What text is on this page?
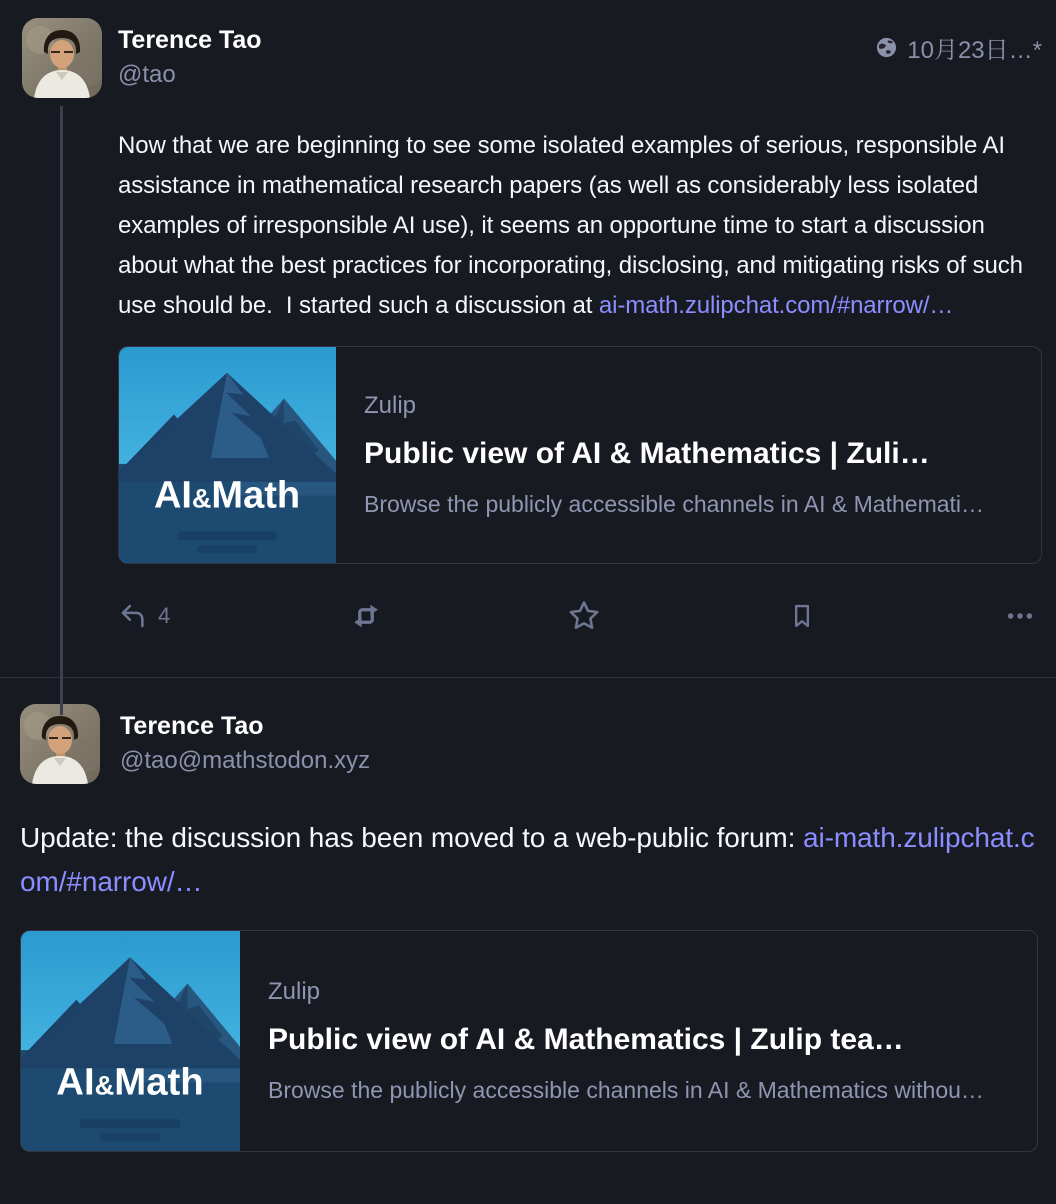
Terence Tao
@tao
10月23日…*
Now that we are beginning to see some isolated examples of serious, responsible AI assistance in mathematical research papers (as well as considerably less isolated examples of irresponsible AI use), it seems an opportune time to start a discussion about what the best practices for incorporating, disclosing, and mitigating risks of such use should be.  I started such a discussion at ai-math.zulipchat.com/#narrow/…
AI&Math
Zulip
Public view of AI & Mathematics | Zuli…
Browse the publicly accessible channels in AI & Mathemati…
4
Terence Tao
@tao@mathstodon.xyz
Update: the discussion has been moved to a web-public forum: ai-math.zulipchat.com/#narrow/…
AI&Math
Zulip
Public view of AI & Mathematics | Zulip tea…
Browse the publicly accessible channels in AI & Mathematics withou…
